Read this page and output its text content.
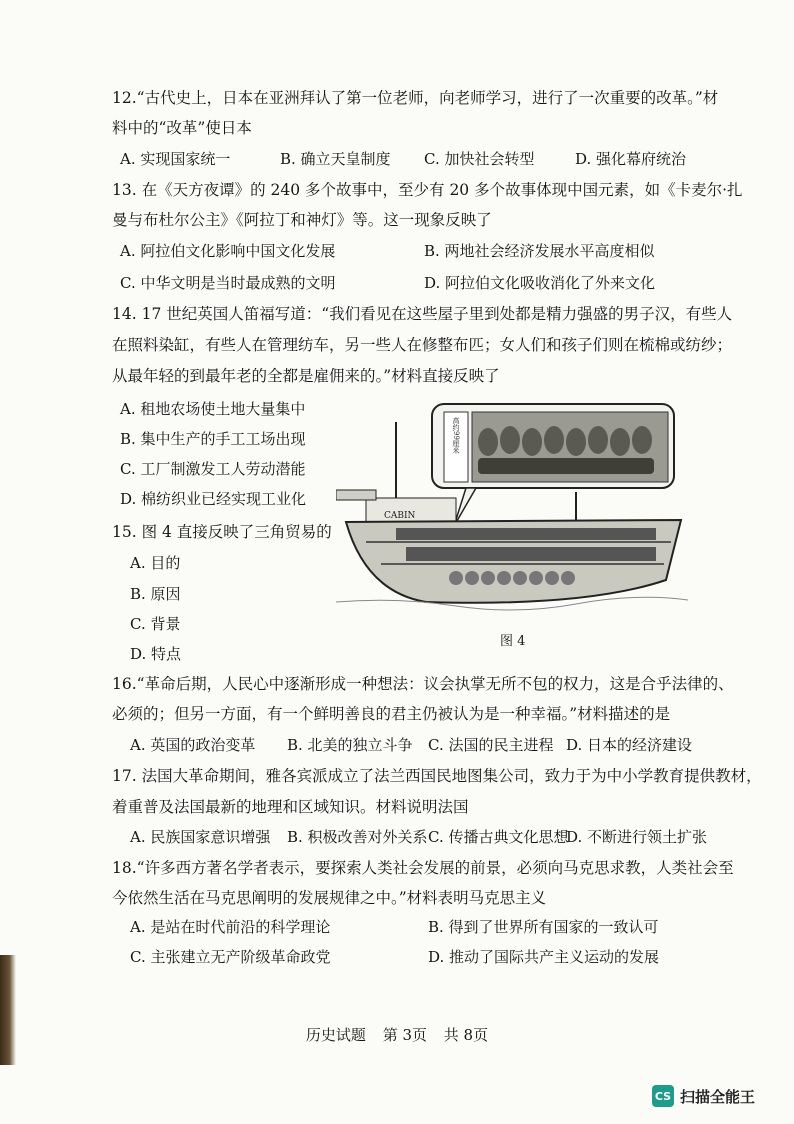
12.“古代史上，日本在亚洲拜认了第一位老师，向老师学习，进行了一次重要的改革。”材
料中的“改革”使日本
A. 实现国家统一	B. 确立天皇制度 C. 加快社会转型	D. 强化幕府统治
13. 在《天方夜谭》的 240 多个故事中，至少有 20 多个故事体现中国元素，如《卡麦尔·扎
曼与布杜尔公主》《阿拉丁和神灯》等。这一现象反映了
A. 阿拉伯文化影响中国文化发展	B. 两地社会经济发展水平高度相似
C. 中华文明是当时最成熟的文明	D. 阿拉伯文化吸收消化了外来文化
14. 17 世纪英国人笛福写道：“我们看见在这些屋子里到处都是精力强盛的男子汉，有些人
在照料染缸，有些人在管理纺车，另一些人在修整布匹；女人们和孩子们则在梳棉或纺纱；
从最年轻的到最年老的全都是雇佣来的。”材料直接反映了
A. 租地农场使土地大量集中
B. 集中生产的手工工场出现
C. 工厂制激发工人劳动潜能
D. 棉纺织业已经实现工业化
15. 图 4 直接反映了三角贸易的
A. 目的
B. 原因
C. 背景
D. 特点
高约99厘米
CABIN
图 4
16.“革命后期，人民心中逐渐形成一种想法：议会执掌无所不包的权力，这是合乎法律的、
必须的；但另一方面，有一个鲜明善良的君主仍被认为是一种幸福。”材料描述的是
A. 英国的政治变革 B. 北美的独立斗争 C. 法国的民主进程 D. 日本的经济建设
17. 法国大革命期间，雅各宾派成立了法兰西国民地图集公司，致力于为中小学教育提供教材，
着重普及法国最新的地理和区域知识。材料说明法国
A. 民族国家意识增强 B. 积极改善对外关系 C. 传播古典文化思想
D. 不断进行领土扩张
18.“许多西方著名学者表示，要探索人类社会发展的前景，必须向马克思求教，人类社会至
今依然生活在马克思阐明的发展规律之中。”材料表明马克思主义
A. 是站在时代前沿的科学理论	B. 得到了世界所有国家的一致认可
C. 主张建立无产阶级革命政党	D. 推动了国际共产主义运动的发展
历史试题 第 3页 共 8页
CS 扫描全能王
